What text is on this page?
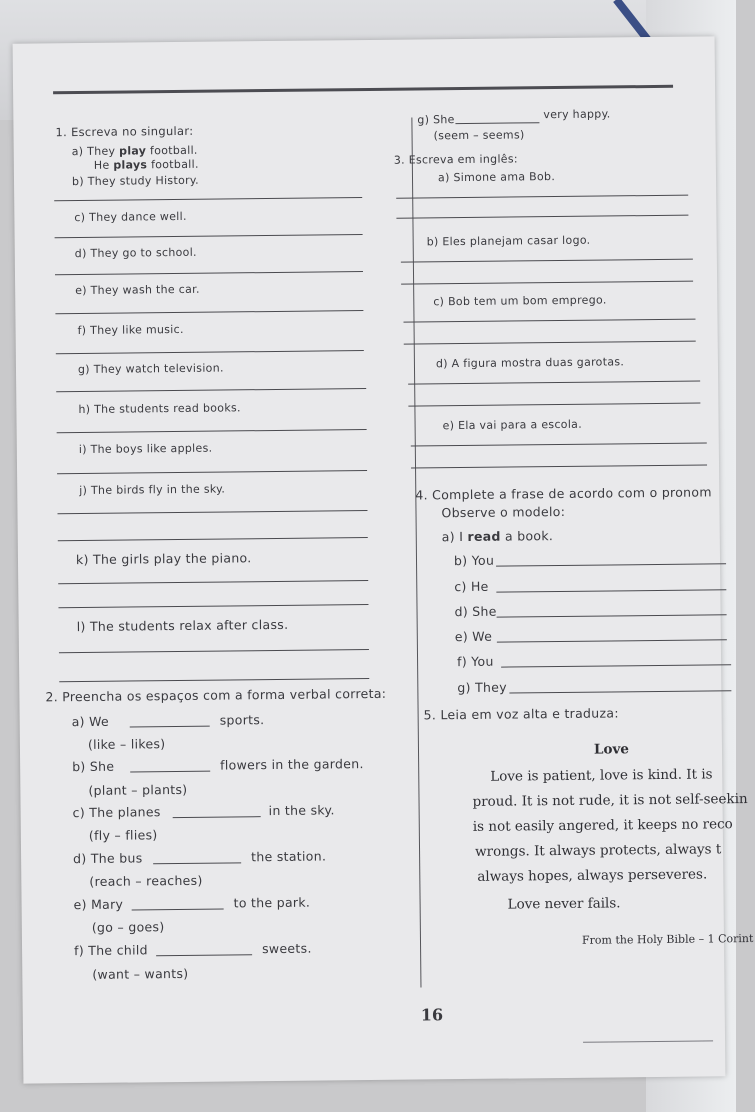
1. Escreva no singular:
a) They play football.
He plays football.
b) They study History.
c) They dance well.
d) They go to school.
e) They wash the car.
f) They like music.
g) They watch television.
h) The students read books.
i) The boys like apples.
j) The birds fly in the sky.
k) The girls play the piano.
l) The students relax after class.
2. Preencha os espaços com a forma verbal correta:
a) We	sports.
(like – likes)
b) She	flowers in the garden.
(plant – plants)
c) The planes	in the sky.
(fly – flies)
d) The bus	the station.
(reach – reaches)
e) Mary	to the park.
(go – goes)
f) The child	sweets.
(want – wants)
g) She	very happy.
(seem – seems)
3. Escreva em inglês:
a) Simone ama Bob.
b) Eles planejam casar logo.
c) Bob tem um bom emprego.
d) A figura mostra duas garotas.
e) Ela vai para a escola.
4. Complete a frase de acordo com o pronom
Observe o modelo:
a) I read a book.
b) You
c) He
d) She
e) We
f) You
g) They
5. Leia em voz alta e traduza:
Love
Love is patient, love is kind. It is
proud. It is not rude, it is not self-seekin
is not easily angered, it keeps no reco
wrongs. It always protects, always t
always hopes, always perseveres.
Love never fails.
From the Holy Bible – 1 Corint
16
